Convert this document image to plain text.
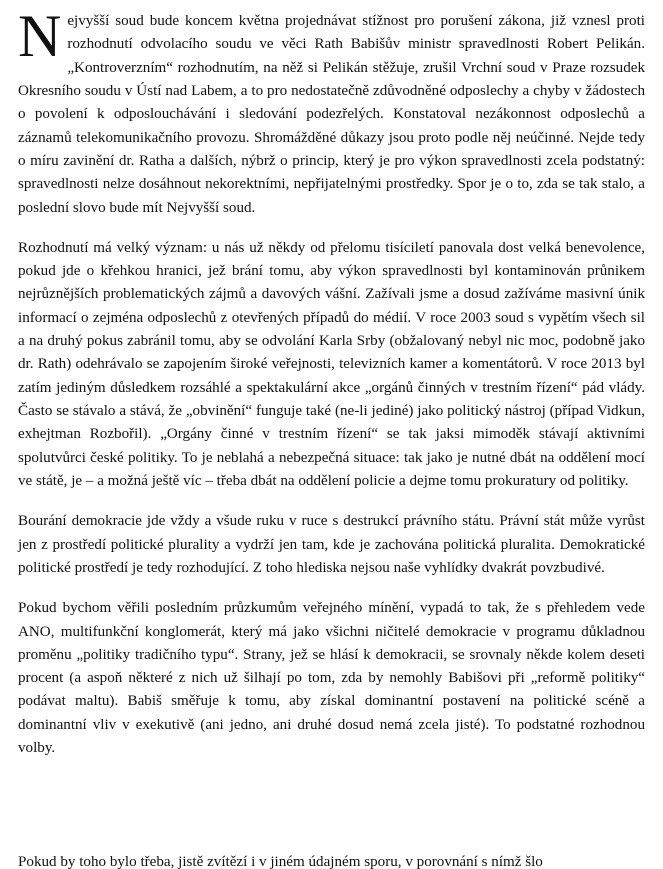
N ejvyšší soud bude koncem května projednávat stížnost pro porušení zákona, již vznesl proti rozhodnutí odvolacího soudu ve věci Rath Babišův ministr spravedlnosti Robert Pelikán. „Kontroverzním“ rozhodnutím, na něž si Pelikán stěžuje, zrušil Vrchní soud v Praze rozsudek Okresního soudu v Ústí nad Labem, a to pro nedostatečně zdůvodněné odposlechy a chyby v žádostech o povolení k odposlouchávání i sledování podezřelých. Konstatoval nezákonnost odposlechů a záznamů telekomunikačního provozu. Shromážděné důkazy jsou proto podle něj neúčinné. Nejde tedy o míru zavinění dr. Ratha a dalších, nýbrž o princip, který je pro výkon spravedlnosti zcela podstatný: spravedlnosti nelze dosáhnout nekorektními, nepřijatelnými prostředky. Spor je o to, zda se tak stalo, a poslední slovo bude mít Nejvyšší soud.

Rozhodnutí má velký význam: u nás už někdy od přelomu tisíciletí panovala dost velká benevolence, pokud jde o křehkou hranici, jež brání tomu, aby výkon spravedlnosti byl kontaminován průnikem nejrůznějších problematických zájmů a davových vášní. Zažívali jsme a dosud zažíváme masivní únik informací o zejména odposlechů z otevřených případů do médií. V roce 2003 soud s vypětím všech sil a na druhý pokus zabránil tomu, aby se odvolání Karla Srby (obžalovaný nebyl nic moc, podobně jako dr. Rath) odehrávalo se zapojením široké veřejnosti, televizních kamer a komentátorů. V roce 2013 byl zatím jediným důsledkem rozsáhlé a spektakulární akce „orgánů činných v trestním řízení“ pád vlády. Často se stávalo a stává, že „obvinění“ funguje také (ne-li jediné) jako politický nástroj (případ Vidkun, exhejtman Rozbořil). „Orgány činné v trestním řízení“ se tak jaksi mimoděk stávají aktivními spolutvůrci české politiky. To je neblahá a nebezpečná situace: tak jako je nutné dbát na oddělení mocí ve státě, je – a možná ještě víc – třeba dbát na oddělení policie a dejme tomu prokuratury od politiky.

Bourání demokracie jde vždy a všude ruku v ruce s destrukcí právního státu. Právní stát může vyrůst jen z prostředí politické plurality a vydrží jen tam, kde je zachována politická pluralita. Demokratické politické prostředí je tedy rozhodující. Z toho hlediska nejsou naše vyhlídky dvakrát povzbudivé.

Pokud bychom věřili posledním průzkumům veřejného mínění, vypadá to tak, že s přehledem vede ANO, multifunkční konglomerát, který má jako všichni ničitelé demokracie v programu důkladnou proměnu „politiky tradičního typu“. Strany, jež se hlásí k demokracii, se srovnaly někde kolem deseti procent (a aspoň některé z nich už šilhají po tom, zda by nemohly Babišovi při „reformě politiky“ podávat maltu). Babiš směřuje k tomu, aby získal dominantní postavení na politické scéně a dominantní vliv v exekutivě (ani jedno, ani druhé dosud nemá zcela jisté). To podstatné rozhodnou volby.

Pokud by toho bylo třeba, jistě zvítězí i v jiném údajném sporu, v porovnání s nímž šlo
